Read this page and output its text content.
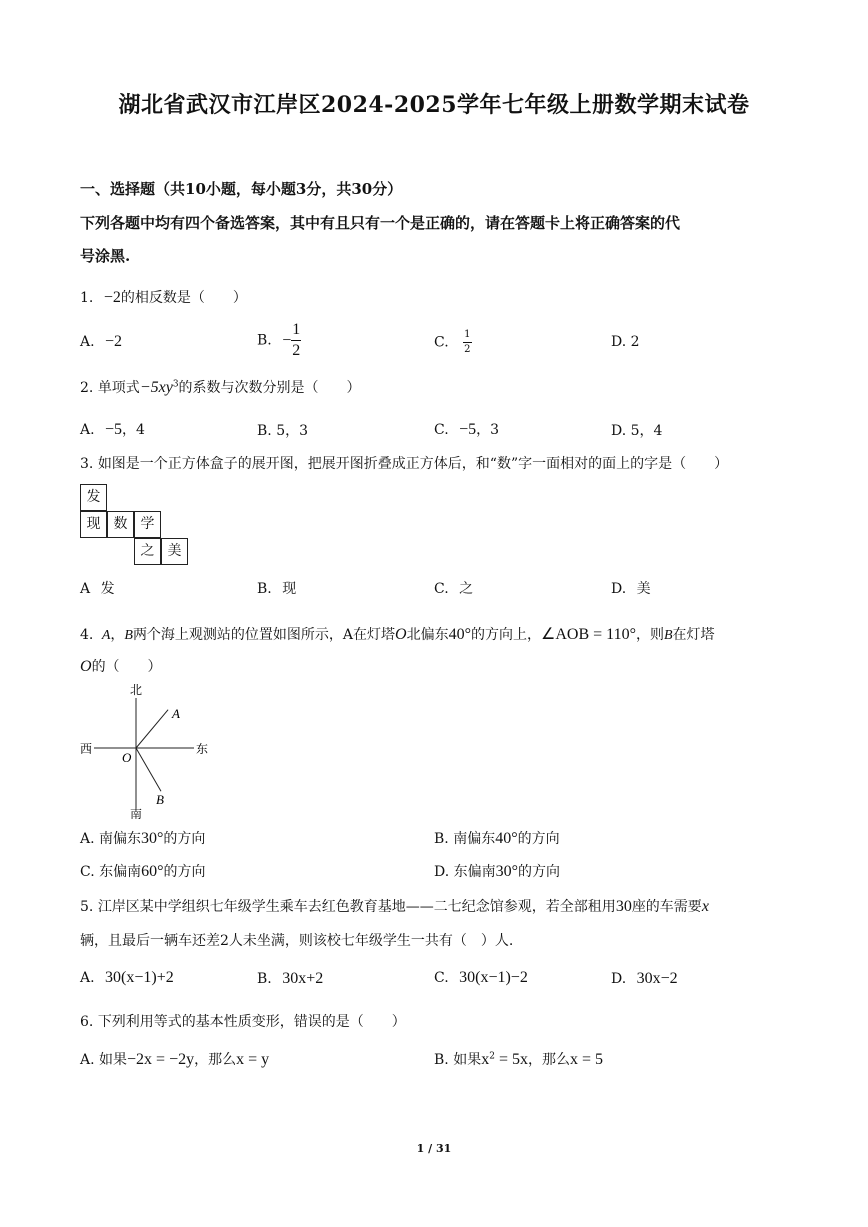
湖北省武汉市江岸区2024-2025学年七年级上册数学期末试卷
一、选择题（共10小题，每小题3分，共30分）
下列各题中均有四个备选答案，其中有且只有一个是正确的，请在答题卡上将正确答案的代
号涂黑.
1. −2的相反数是（　　）
A. −2	B. − $\frac{1}{2}$	C. $\frac{1}{2}$	D. 2
2. 单项式$-5xy^3$的系数与次数分别是（　　）
A. −5，4	B. 5，3	C. −5，3	D. 5，4
3. 如图是一个正方体盒子的展开图，把展开图折叠成正方体后，和“数”字一面相对的面上的字是（　　）
发
现 数 学
之 美
A 发	B. 现	C. 之	D. 美
4. A，B两个海上观测站的位置如图所示，A在灯塔O北偏东40°的方向上，∠AOB = 110°，则B在灯塔
O的（　　）
北
南
西	东
O
A
B
A. 南偏东30°的方向	B. 南偏东40°的方向
C. 东偏南60°的方向	D. 东偏南30°的方向
5. 江岸区某中学组织七年级学生乘车去红色教育基地——二七纪念馆参观，若全部租用30座的车需要x
辆，且最后一辆车还差2人未坐满，则该校七年级学生一共有（　）人.
A. 30(x−1)+2	B. 30x+2	C. 30(x−1)−2	D. 30x−2
6. 下列利用等式的基本性质变形，错误的是（　　）
A. 如果−2x = −2y，那么x = y	B. 如果$x^2 = 5x$，那么x = 5
1 / 31
